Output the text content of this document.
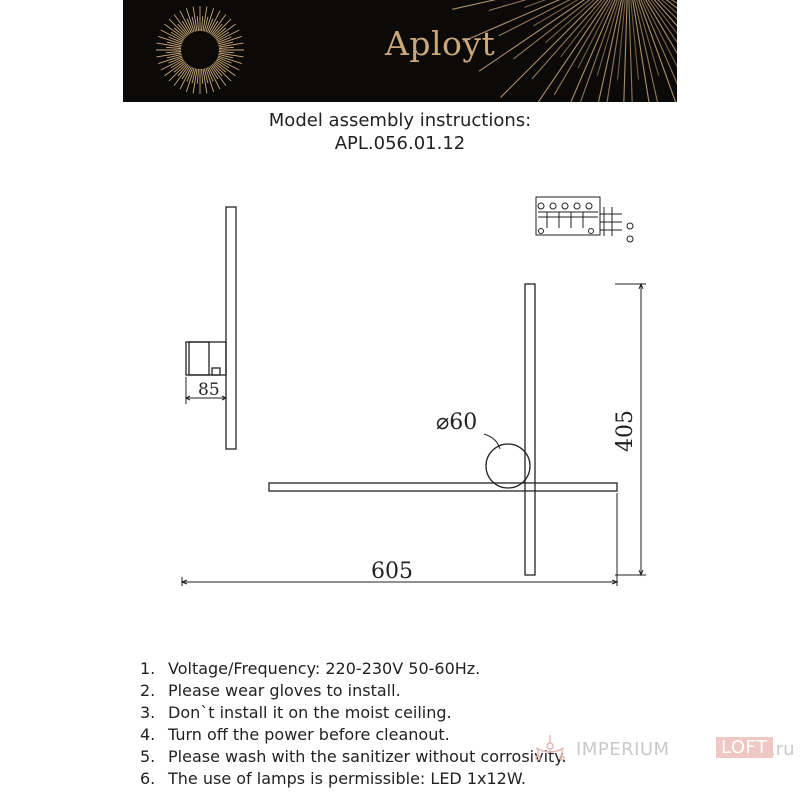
Aployt
Model assembly instructions:
APL.056.01.12
85
⌀60	405
605
1. Voltage/Frequency: 220-230V 50-60Hz.
2. Please wear gloves to install.
3. Don`t install it on the moist ceiling.
4. Turn off the power before cleanout.
5. Please wash with the sanitizer without corrosivity.
6. The use of lamps is permissible: LED 1x12W.
IMPERIUM	LOFT .ru
